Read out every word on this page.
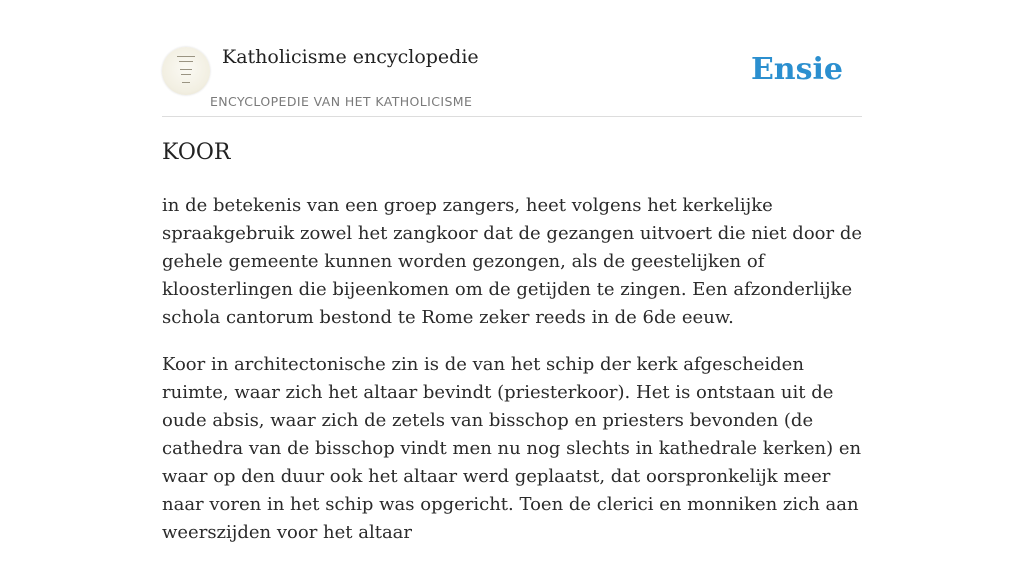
Katholicisme encyclopedie
ENCYCLOPEDIE VAN HET KATHOLICISME
Ensie
KOOR

in de betekenis van een groep zangers, heet volgens het kerkelijke spraakgebruik zowel het zangkoor dat de gezangen uitvoert die niet door de gehele gemeente kunnen worden gezongen, als de geestelijken of kloosterlingen die bijeenkomen om de getijden te zingen. Een afzonderlijke schola cantorum bestond te Rome zeker reeds in de 6de eeuw.

Koor in architectonische zin is de van het schip der kerk afgescheiden ruimte, waar zich het altaar bevindt (priesterkoor). Het is ontstaan uit de oude absis, waar zich de zetels van bisschop en priesters bevonden (de cathedra van de bisschop vindt men nu nog slechts in kathedrale kerken) en waar op den duur ook het altaar werd geplaatst, dat oorspronkelijk meer naar voren in het schip was opgericht. Toen de clerici en monniken zich aan weerszijden voor het altaar
